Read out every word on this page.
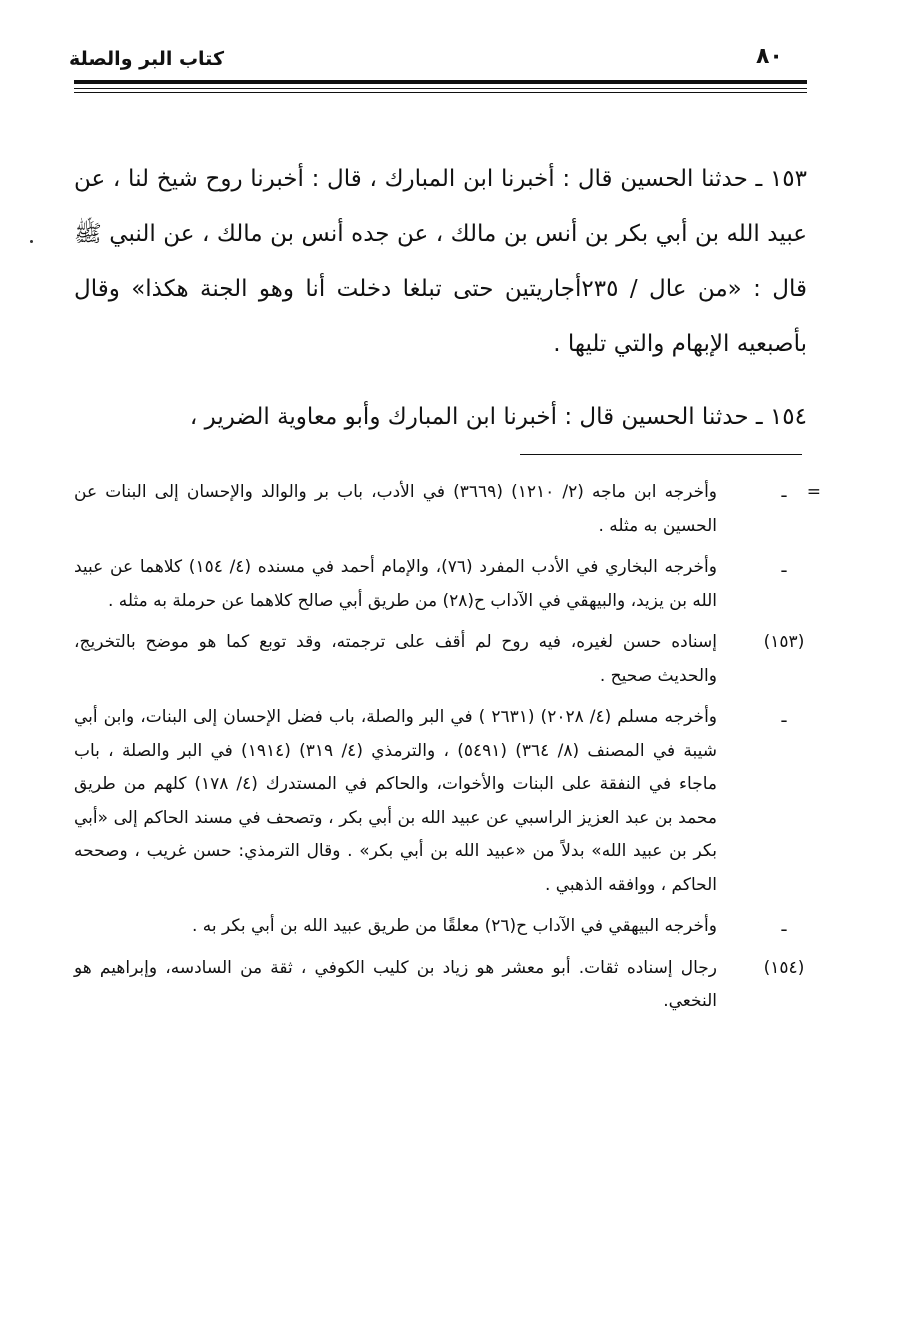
كتاب البر والصلة	٨٠

١٥٣ ـ حدثنا الحسين قال : أخبرنا ابن المبارك ، قال : أخبرنا روح شيخ لنا ، عن عبيد الله بن أبي بكر بن أنس بن مالك ، عن جده أنس بن مالك ، عن النبي ﷺ قال : «من عال / ٢٣٥أجاريتين حتى تبلغا دخلت أنا وهو الجنة هكذا» وقال بأصبعيه الإبهام والتي تليها .

١٥٤ ـ حدثنا الحسين قال : أخبرنا ابن المبارك وأبو معاوية الضرير ،

=
ـ
وأخرجه ابن ماجه (٢/ ١٢١٠) (٣٦٦٩) في الأدب، باب بر والوالد والإحسان إلى البنات عن الحسين به مثله .
ـ
وأخرجه البخاري في الأدب المفرد (٧٦)، والإمام أحمد في مسنده (٤/ ١٥٤) كلاهما عن عبيد الله بن يزيد، والبيهقي في الآداب ح(٢٨) من طريق أبي صالح كلاهما عن حرملة به مثله .
(١٥٣)
إسناده حسن لغيره، فيه روح لم أقف على ترجمته، وقد توبع كما هو موضح بالتخريج، والحديث صحيح .
ـ
وأخرجه مسلم (٤/ ٢٠٢٨) (٢٦٣١ ) في البر والصلة، باب فضل الإحسان إلى البنات، وابن أبي شيبة في المصنف (٨/ ٣٦٤) (٥٤٩١) ، والترمذي (٤/ ٣١٩) (١٩١٤) في البر والصلة ، باب ماجاء في النفقة على البنات والأخوات، والحاكم في المستدرك (٤/ ١٧٨) كلهم من طريق محمد بن عبد العزيز الراسبي عن عبيد الله بن أبي بكر ، وتصحف في مسند الحاكم إلى «أبي بكر بن عبيد الله» بدلاً من «عبيد الله بن أبي بكر» . وقال الترمذي: حسن غريب ، وصححه الحاكم ، ووافقه الذهبي .
ـ
وأخرجه البيهقي في الآداب ح(٢٦) معلقًا من طريق عبيد الله بن أبي بكر به .
(١٥٤)
رجال إسناده ثقات. أبو معشر هو زياد بن كليب الكوفي ، ثقة من السادسه، وإبراهيم هو النخعي.
